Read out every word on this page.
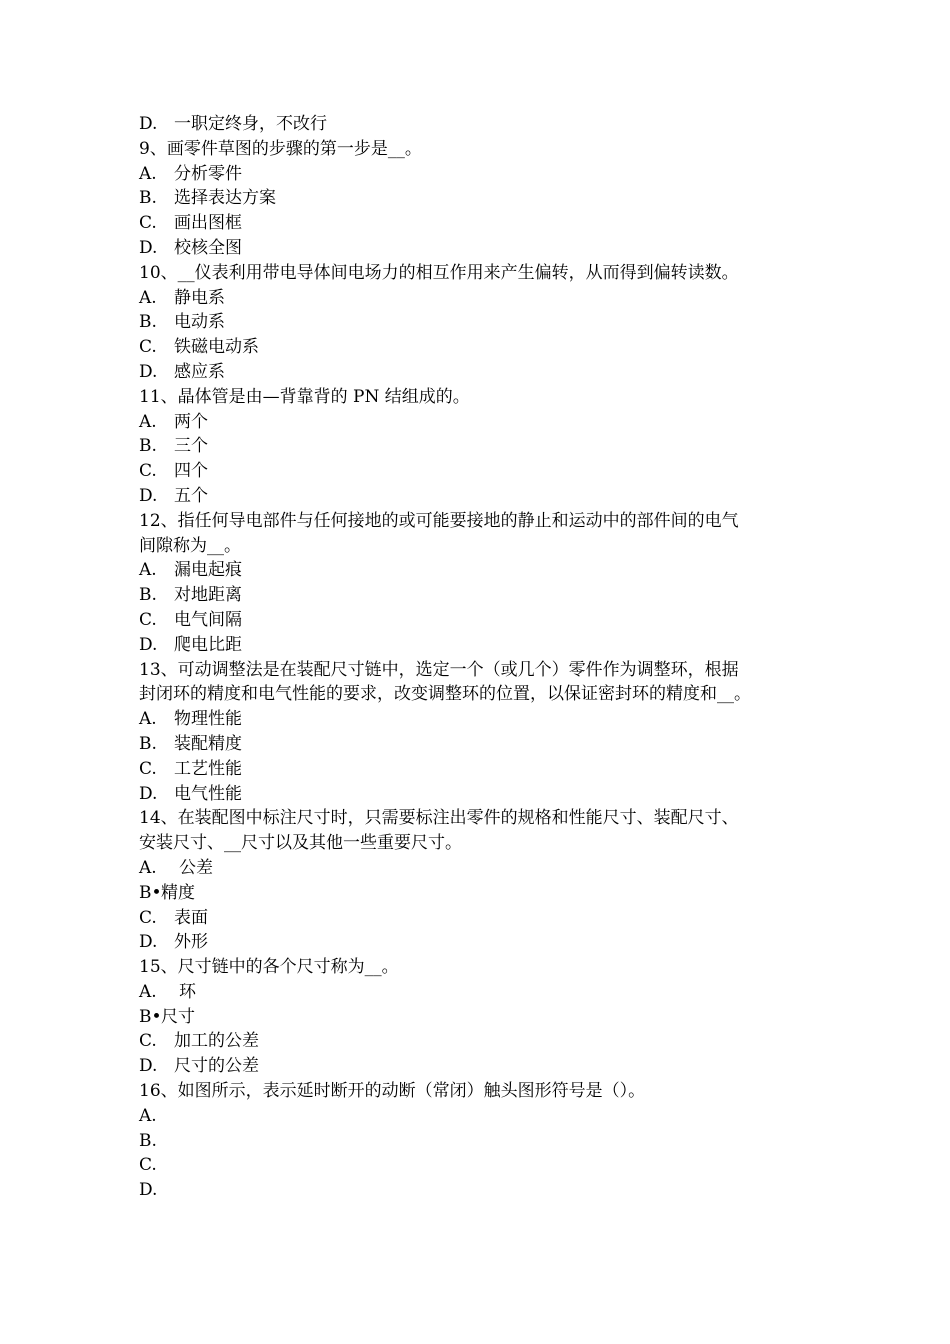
D. 一职定终身，不改行
9、画零件草图的步骤的第一步是__。
A.	分析零件
B.	选择表达方案
C.	画出图框
D. 校核全图
10、__仪表利用带电导体间电场力的相互作用来产生偏转，从而得到偏转读数。
A.	静电系
B.	电动系
C.	铁磁电动系
D. 感应系
11、晶体管是由—背靠背的 PN 结组成的。
A.	两个
B.	三个
C.	四个
D. 五个
12、指任何导电部件与任何接地的或可能要接地的静止和运动中的部件间的电气
间隙称为__。
A.	漏电起痕
B.	对地距离
C.	电气间隔
D. 爬电比距
13、可动调整法是在装配尺寸链中，选定一个（或几个）零件作为调整环，根据
封闭环的精度和电气性能的要求，改变调整环的位置，以保证密封环的精度和__。
A.	物理性能
B.	装配精度
C.	工艺性能
D. 电气性能
14、在装配图中标注尺寸时，只需要标注出零件的规格和性能尺寸、装配尺寸、
安装尺寸、__尺寸以及其他一些重要尺寸。
A.	公差
B• 精度
C.	表面
D. 外形
15、尺寸链中的各个尺寸称为__。
A.	环
B• 尺寸
C.	加工的公差
D. 尺寸的公差
16、如图所示，表示延时断开的动断（常闭）触头图形符号是（）。
A.
B.
C.
D.
